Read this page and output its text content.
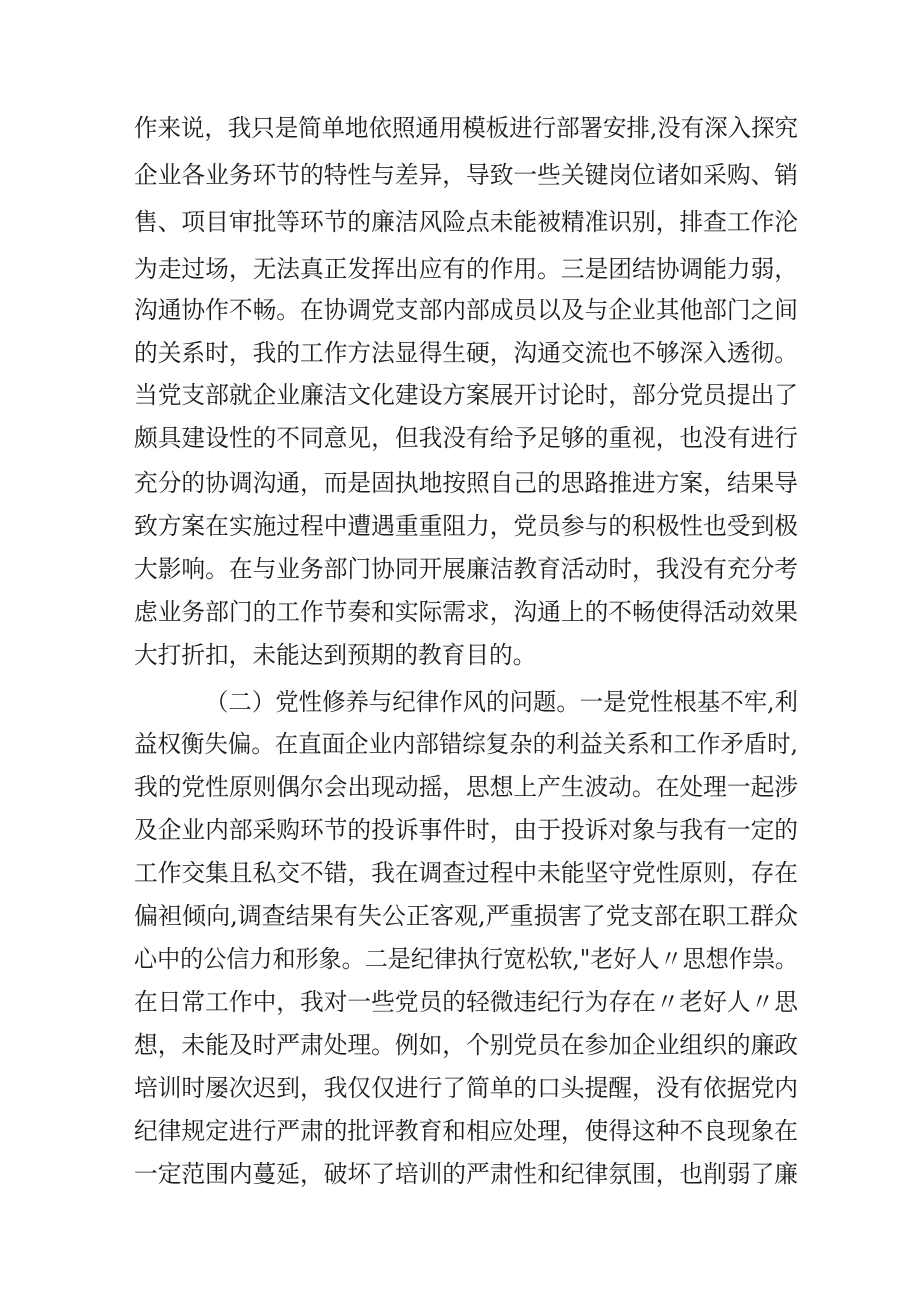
作来说，我只是简单地依照通用模板进行部署安排,没有深入探究
企业各业务环节的特性与差异，导致一些关键岗位诸如采购、销
售、项目审批等环节的廉洁风险点未能被精准识别，排查工作沦
为走过场，无法真正发挥出应有的作用。三是团结协调能力弱，
沟通协作不畅。在协调党支部内部成员以及与企业其他部门之间
的关系时，我的工作方法显得生硬，沟通交流也不够深入透彻。
当党支部就企业廉洁文化建设方案展开讨论时，部分党员提出了
颇具建设性的不同意见，但我没有给予足够的重视，也没有进行
充分的协调沟通，而是固执地按照自己的思路推进方案，结果导
致方案在实施过程中遭遇重重阻力，党员参与的积极性也受到极
大影响。在与业务部门协同开展廉洁教育活动时，我没有充分考
虑业务部门的工作节奏和实际需求，沟通上的不畅使得活动效果
大打折扣，未能达到预期的教育目的。
（二）党性修养与纪律作风的问题。一是党性根基不牢,利
益权衡失偏。在直面企业内部错综复杂的利益关系和工作矛盾时,
我的党性原则偶尔会出现动摇，思想上产生波动。在处理一起涉
及企业内部采购环节的投诉事件时，由于投诉对象与我有一定的
工作交集且私交不错，我在调查过程中未能坚守党性原则，存在
偏袒倾向,调查结果有失公正客观,严重损害了党支部在职工群众
心中的公信力和形象。二是纪律执行宽松软,"老好人〃思想作祟。
在日常工作中，我对一些党员的轻微违纪行为存在〃老好人〃思
想，未能及时严肃处理。例如，个别党员在参加企业组织的廉政
培训时屡次迟到，我仅仅进行了简单的口头提醒，没有依据党内
纪律规定进行严肃的批评教育和相应处理，使得这种不良现象在
一定范围内蔓延，破坏了培训的严肃性和纪律氛围，也削弱了廉
